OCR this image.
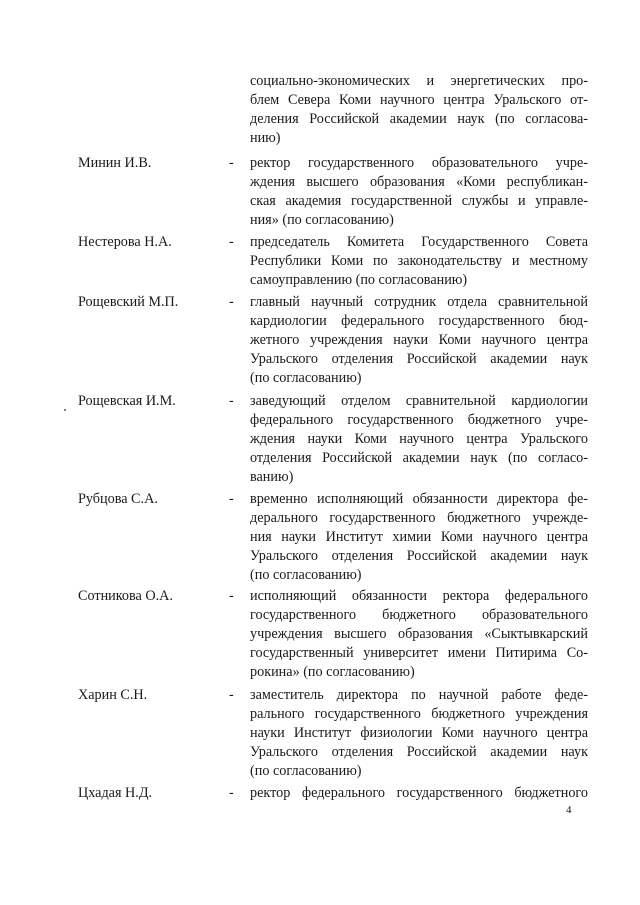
социально-экономических и энергетических про-
блем Севера Коми научного центра Уральского от-
деления Российской академии наук (по согласова-
нию)
Минин И.В.	- ректор государственного образовательного учре-
ждения высшего образования «Коми республикан-
ская академия государственной службы и управле-
ния» (по согласованию)
Нестерова Н.А.	- председатель Комитета Государственного Совета
Республики Коми по законодательству и местному
самоуправлению (по согласованию)
Рощевский М.П.	- главный научный сотрудник отдела сравнительной
кардиологии федерального государственного бюд-
жетного учреждения науки Коми научного центра
Уральского отделения Российской академии наук
(по согласованию)
Рощевская И.М.	- заведующий отделом сравнительной кардиологии
федерального государственного бюджетного учре-
ждения науки Коми научного центра Уральского
отделения Российской академии наук (по согласо-
ванию)
Рубцова С.А.	- временно исполняющий обязанности директора фе-
дерального государственного бюджетного учрежде-
ния науки Институт химии Коми научного центра
Уральского отделения Российской академии наук
(по согласованию)
Сотникова О.А.	- исполняющий обязанности ректора федерального
государственного бюджетного образовательного
учреждения высшего образования «Сыктывкарский
государственный университет имени Питирима Со-
рокина» (по согласованию)
Харин С.Н.	- заместитель директора по научной работе феде-
рального государственного бюджетного учреждения
науки Институт физиологии Коми научного центра
Уральского отделения Российской академии наук
(по согласованию)
Цхадая Н.Д.	- ректор федерального государственного бюджетного
4
